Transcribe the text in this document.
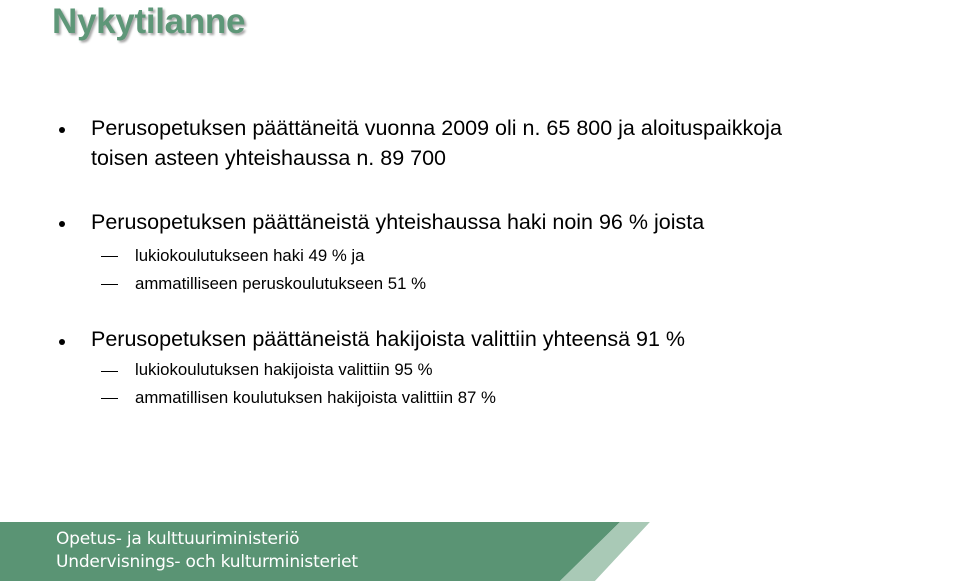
Nykytilanne
Perusopetuksen päättäneitä vuonna 2009 oli n. 65 800 ja aloituspaikkoja
toisen asteen yhteishaussa n. 89 700
Perusopetuksen päättäneistä yhteishaussa haki noin 96 % joista
lukiokoulutukseen haki 49 % ja
ammatilliseen peruskoulutukseen 51 %
Perusopetuksen päättäneistä hakijoista valittiin yhteensä 91 %
lukiokoulutuksen hakijoista valittiin 95 %
ammatillisen koulutuksen hakijoista valittiin 87 %
Opetus- ja kulttuuriministeriö
Undervisnings- och kulturministeriet
